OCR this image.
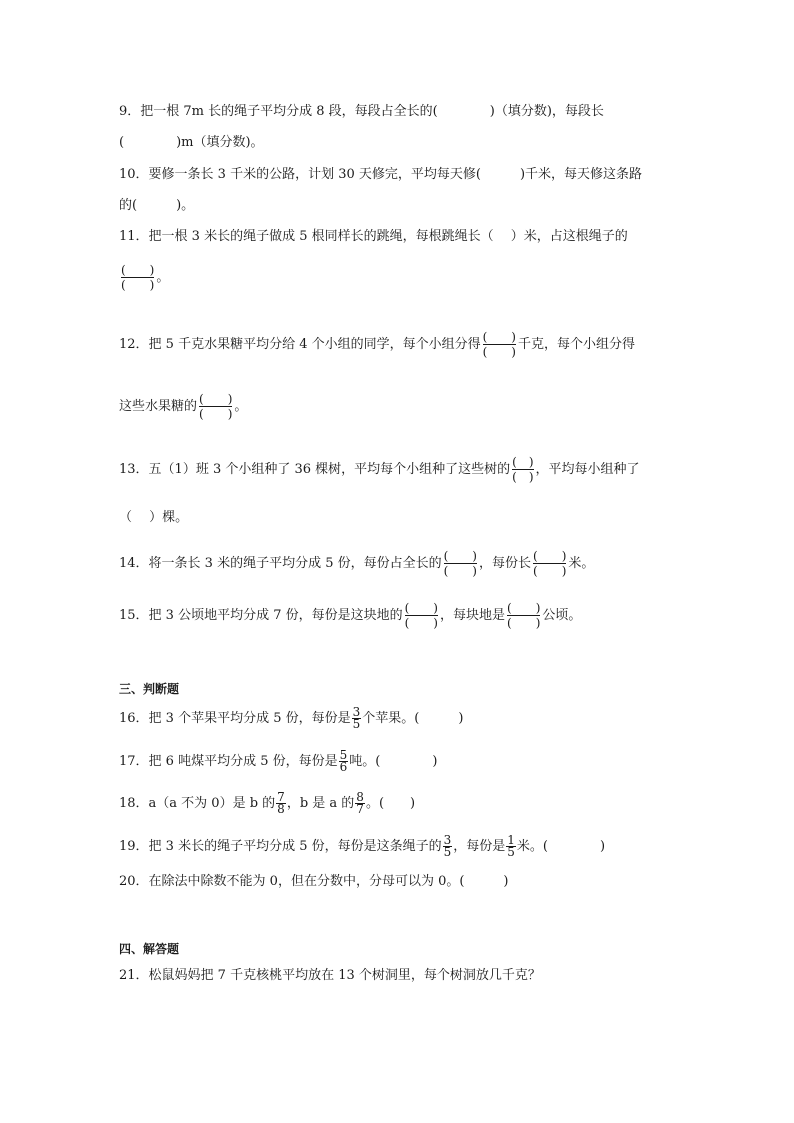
9．把一根 7m 长的绳子平均分成 8 段，每段占全长的(　　　　)（填分数)，每段长
(　　　　)m（填分数)。
10．要修一条长 3 千米的公路，计划 30 天修完，平均每天修(　　　)千米，每天修这条路
的(　　　)。
11．把一根 3 米长的绳子做成 5 根同样长的跳绳，每根跳绳长（　 ）米，占这根绳子的
(　　)
(　　) 。
12．把 5 千克水果糖平均分给 4 个小组的同学，每个小组分得 (　　)
(　　) 千克，每个小组分得
这些水果糖的 (　　)
(　　) 。
13．五（1）班 3 个小组种了 36 棵树，平均每个小组种了这些树的 (　)
(　) ，平均每小组种了
（　 ）棵。
14．将一条长 3 米的绳子平均分成 5 份，每份占全长的 (　　)
(　　) ，每份长 (　　)
(　　) 米。
15．把 3 公顷地平均分成 7 份，每份是这块地的 (　　)
(　　) ，每块地是 (　　)
(　　) 公顷。
三、判断题
16．把 3 个苹果平均分成 5 份，每份是 $\frac{3}{5}$ 个苹果。(　　　)
17．把 6 吨煤平均分成 5 份，每份是 $\frac{5}{6}$ 吨。(　　　　)
18．a（a 不为 0）是 b 的 $\frac{7}{8}$ ，b 是 a 的 $\frac{8}{7}$ 。(　　)
19．把 3 米长的绳子平均分成 5 份，每份是这条绳子的 $\frac{3}{5}$ ，每份是 $\frac{1}{5}$ 米。(　　　　)
20．在除法中除数不能为 0，但在分数中，分母可以为 0。(　　　)
四、解答题
21．松鼠妈妈把 7 千克核桃平均放在 13 个树洞里，每个树洞放几千克？
